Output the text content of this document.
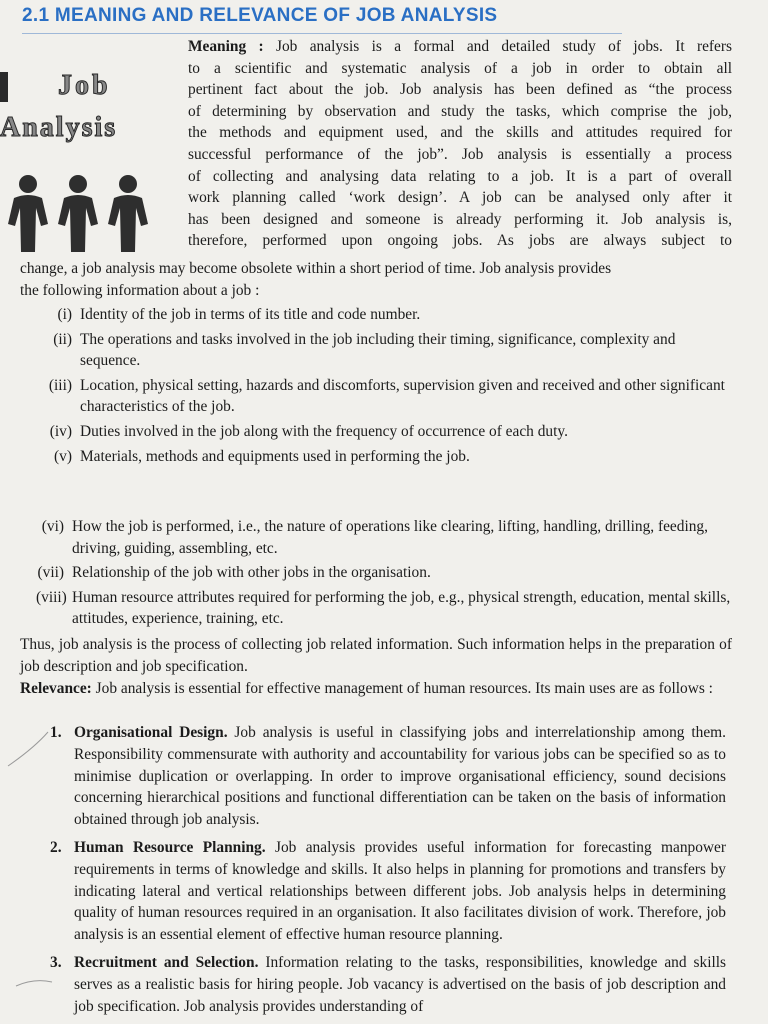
2.1 MEANING AND RELEVANCE OF JOB ANALYSIS
Job
Analysis
Meaning : Job analysis is a formal and detailed study of jobs. It refers
to a scientific and systematic analysis of a job in order to obtain all
pertinent fact about the job. Job analysis has been defined as “the process
of determining by observation and study the tasks, which comprise the job,
the methods and equipment used, and the skills and attitudes required for
successful performance of the job”. Job analysis is essentially a process
of collecting and analysing data relating to a job. It is a part of overall
work planning called ‘work design’. A job can be analysed only after it
has been designed and someone is already performing it. Job analysis is,
therefore, performed upon ongoing jobs. As jobs are always subject to
change, a job analysis may become obsolete within a short period of time. Job analysis provides
the following information about a job :
(i) Identity of the job in terms of its title and code number.
(ii) The operations and tasks involved in the job including their timing, significance, complexity and sequence.
(iii) Location, physical setting, hazards and discomforts, supervision given and received and other significant characteristics of the job.
(iv) Duties involved in the job along with the frequency of occurrence of each duty.
(v) Materials, methods and equipments used in performing the job.
(vi) How the job is performed, i.e., the nature of operations like clearing, lifting, handling, drilling, feeding, driving, guiding, assembling, etc.
(vii) Relationship of the job with other jobs in the organisation.
(viii) Human resource attributes required for performing the job, e.g., physical strength, education, mental skills, attitudes, experience, training, etc.
Thus, job analysis is the process of collecting job related information. Such information helps in the preparation of job description and job specification.
Relevance: Job analysis is essential for effective management of human resources. Its main uses are as follows :
1. Organisational Design. Job analysis is useful in classifying jobs and interrelationship among them. Responsibility commensurate with authority and accountability for various jobs can be specified so as to minimise duplication or overlapping. In order to improve organisational efficiency, sound decisions concerning hierarchical positions and functional differentiation can be taken on the basis of information obtained through job analysis.
2. Human Resource Planning. Job analysis provides useful information for forecasting manpower requirements in terms of knowledge and skills. It also helps in planning for promotions and transfers by indicating lateral and vertical relationships between different jobs. Job analysis helps in determining quality of human resources required in an organisation. It also facilitates division of work. Therefore, job analysis is an essential element of effective human resource planning.
3. Recruitment and Selection. Information relating to the tasks, responsibilities, knowledge and skills serves as a realistic basis for hiring people. Job vacancy is advertised on the basis of job description and job specification. Job analysis provides understanding of
